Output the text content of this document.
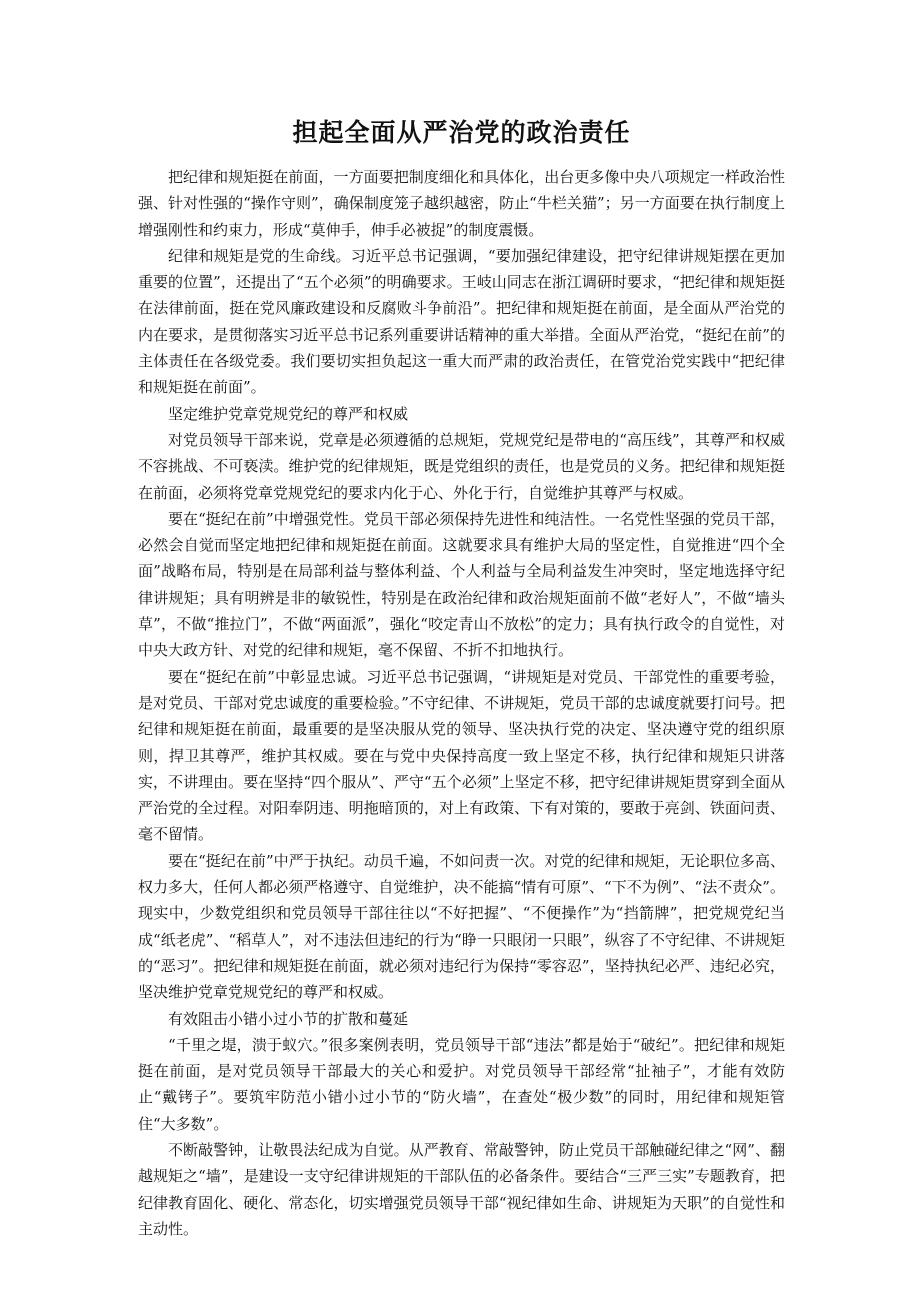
担起全面从严治党的政治责任

把纪律和规矩挺在前面，一方面要把制度细化和具体化，出台更多像中央八项规定一样政治性强、针对性强的“操作守则”，确保制度笼子越织越密，防止“牛栏关猫”；另一方面要在执行制度上增强刚性和约束力，形成“莫伸手，伸手必被捉”的制度震慑。

纪律和规矩是党的生命线。习近平总书记强调，“要加强纪律建设，把守纪律讲规矩摆在更加重要的位置”，还提出了“五个必须”的明确要求。王岐山同志在浙江调研时要求，“把纪律和规矩挺在法律前面，挺在党风廉政建设和反腐败斗争前沿”。把纪律和规矩挺在前面，是全面从严治党的内在要求，是贯彻落实习近平总书记系列重要讲话精神的重大举措。全面从严治党，“挺纪在前”的主体责任在各级党委。我们要切实担负起这一重大而严肃的政治责任，在管党治党实践中“把纪律和规矩挺在前面”。

坚定维护党章党规党纪的尊严和权威

对党员领导干部来说，党章是必须遵循的总规矩，党规党纪是带电的“高压线”，其尊严和权威不容挑战、不可亵渎。维护党的纪律规矩，既是党组织的责任，也是党员的义务。把纪律和规矩挺在前面，必须将党章党规党纪的要求内化于心、外化于行，自觉维护其尊严与权威。

要在“挺纪在前”中增强党性。党员干部必须保持先进性和纯洁性。一名党性坚强的党员干部，必然会自觉而坚定地把纪律和规矩挺在前面。这就要求具有维护大局的坚定性，自觉推进“四个全面”战略布局，特别是在局部利益与整体利益、个人利益与全局利益发生冲突时，坚定地选择守纪律讲规矩；具有明辨是非的敏锐性，特别是在政治纪律和政治规矩面前不做“老好人”，不做“墙头草”，不做“推拉门”，不做“两面派”，强化“咬定青山不放松”的定力；具有执行政令的自觉性，对中央大政方针、对党的纪律和规矩，毫不保留、不折不扣地执行。

要在“挺纪在前”中彰显忠诚。习近平总书记强调，“讲规矩是对党员、干部党性的重要考验，是对党员、干部对党忠诚度的重要检验。”不守纪律、不讲规矩，党员干部的忠诚度就要打问号。把纪律和规矩挺在前面，最重要的是坚决服从党的领导、坚决执行党的决定、坚决遵守党的组织原则，捍卫其尊严，维护其权威。要在与党中央保持高度一致上坚定不移，执行纪律和规矩只讲落实，不讲理由。要在坚持“四个服从”、严守“五个必须”上坚定不移，把守纪律讲规矩贯穿到全面从严治党的全过程。对阳奉阴违、明拖暗顶的，对上有政策、下有对策的，要敢于亮剑、铁面问责、毫不留情。

要在“挺纪在前”中严于执纪。动员千遍，不如问责一次。对党的纪律和规矩，无论职位多高、权力多大，任何人都必须严格遵守、自觉维护，决不能搞“情有可原”、“下不为例”、“法不责众”。现实中，少数党组织和党员领导干部往往以“不好把握”、“不便操作”为“挡箭牌”，把党规党纪当成“纸老虎”、“稻草人”，对不违法但违纪的行为“睁一只眼闭一只眼”，纵容了不守纪律、不讲规矩的“恶习”。把纪律和规矩挺在前面，就必须对违纪行为保持“零容忍”，坚持执纪必严、违纪必究，坚决维护党章党规党纪的尊严和权威。

有效阻击小错小过小节的扩散和蔓延

“千里之堤，溃于蚁穴。”很多案例表明，党员领导干部“违法”都是始于“破纪”。把纪律和规矩挺在前面，是对党员领导干部最大的关心和爱护。对党员领导干部经常“扯袖子”，才能有效防止“戴铐子”。要筑牢防范小错小过小节的“防火墙”，在查处“极少数”的同时，用纪律和规矩管住“大多数”。

不断敲警钟，让敬畏法纪成为自觉。从严教育、常敲警钟，防止党员干部触碰纪律之“网”、翻越规矩之“墙”，是建设一支守纪律讲规矩的干部队伍的必备条件。要结合“三严三实”专题教育，把纪律教育固化、硬化、常态化，切实增强党员领导干部“视纪律如生命、讲规矩为天职”的自觉性和主动性。
